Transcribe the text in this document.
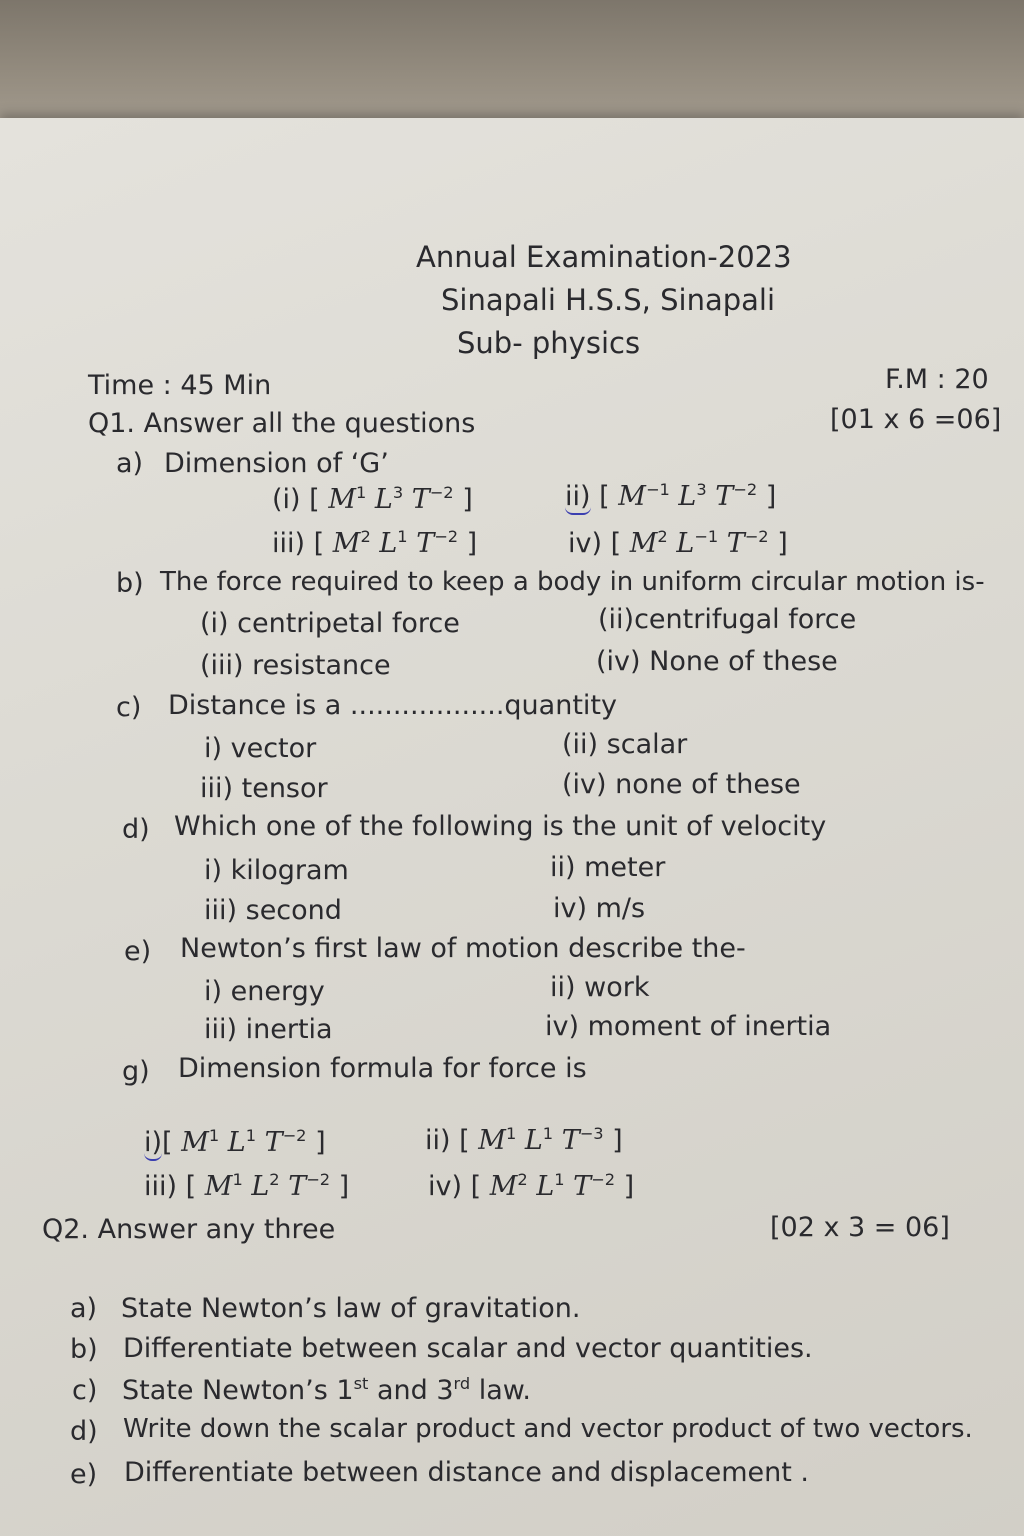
Annual Examination-2023
Sinapali H.S.S, Sinapali
Sub- physics
Time : 45 Min	F.M : 20
Q1. Answer all the questions	[01 x 6 =06]
a) Dimension of ‘G’
(i) [ $M^1$ $L^3$ $T^{-2}$ ]	ii) [ $M^{-1}$ $L^3$ $T^{-2}$ ]
iii) [ $M^2$ $L^1$ $T^{-2}$ ]	iv) [ $M^2$ $L^{-1}$ $T^{-2}$ ]
b) The force required to keep a body in uniform circular motion is-
(i) centripetal force	(ii)centrifugal force
(iii) resistance	(iv) None of these
c) Distance is a ..................quantity
i) vector	(ii) scalar
iii) tensor	(iv) none of these
d) Which one of the following is the unit of velocity
i) kilogram	ii) meter
iii) second	iv) m/s
e) Newton’s first law of motion describe the-
i) energy	ii) work
iii) inertia	iv) moment of inertia
g) Dimension formula for force is
i)[ $M^1$ $L^1$ $T^{-2}$ ]	ii) [ $M^1$ $L^1$ $T^{-3}$ ]
iii) [ $M^1$ $L^2$ $T^{-2}$ ]	iv) [ $M^2$ $L^1$ $T^{-2}$ ]
Q2. Answer any three	[02 x 3 = 06]
a) State Newton’s law of gravitation.
b) Differentiate between scalar and vector quantities.
c) State Newton’s 1st and 3rd law.
d) Write down the scalar product and vector product of two vectors.
e) Differentiate between distance and displacement .
